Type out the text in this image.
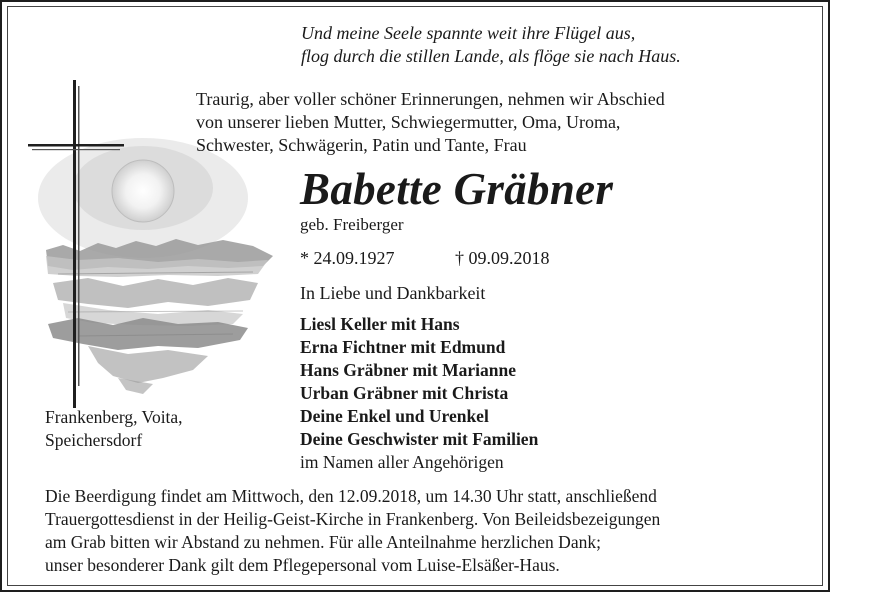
Und meine Seele spannte weit ihre Flügel aus,
flog durch die stillen Lande, als flöge sie nach Haus.
Traurig, aber voller schöner Erinnerungen, nehmen wir Abschied
von unserer lieben Mutter, Schwiegermutter, Oma, Uroma,
Schwester, Schwägerin, Patin und Tante, Frau
Babette Gräbner
geb. Freiberger
* 24.09.1927	† 09.09.2018
In Liebe und Dankbarkeit
Liesl Keller mit Hans
Erna Fichtner mit Edmund
Hans Gräbner mit Marianne
Urban Gräbner mit Christa
Deine Enkel und Urenkel
Deine Geschwister mit Familien
im Namen aller Angehörigen
Frankenberg, Voita,
Speichersdorf
Die Beerdigung findet am Mittwoch, den 12.09.2018, um 14.30 Uhr statt, anschließend
Trauergottesdienst in der Heilig-Geist-Kirche in Frankenberg. Von Beileidsbezeigungen
am Grab bitten wir Abstand zu nehmen. Für alle Anteilnahme herzlichen Dank;
unser besonderer Dank gilt dem Pflegepersonal vom Luise-Elsäßer-Haus.
